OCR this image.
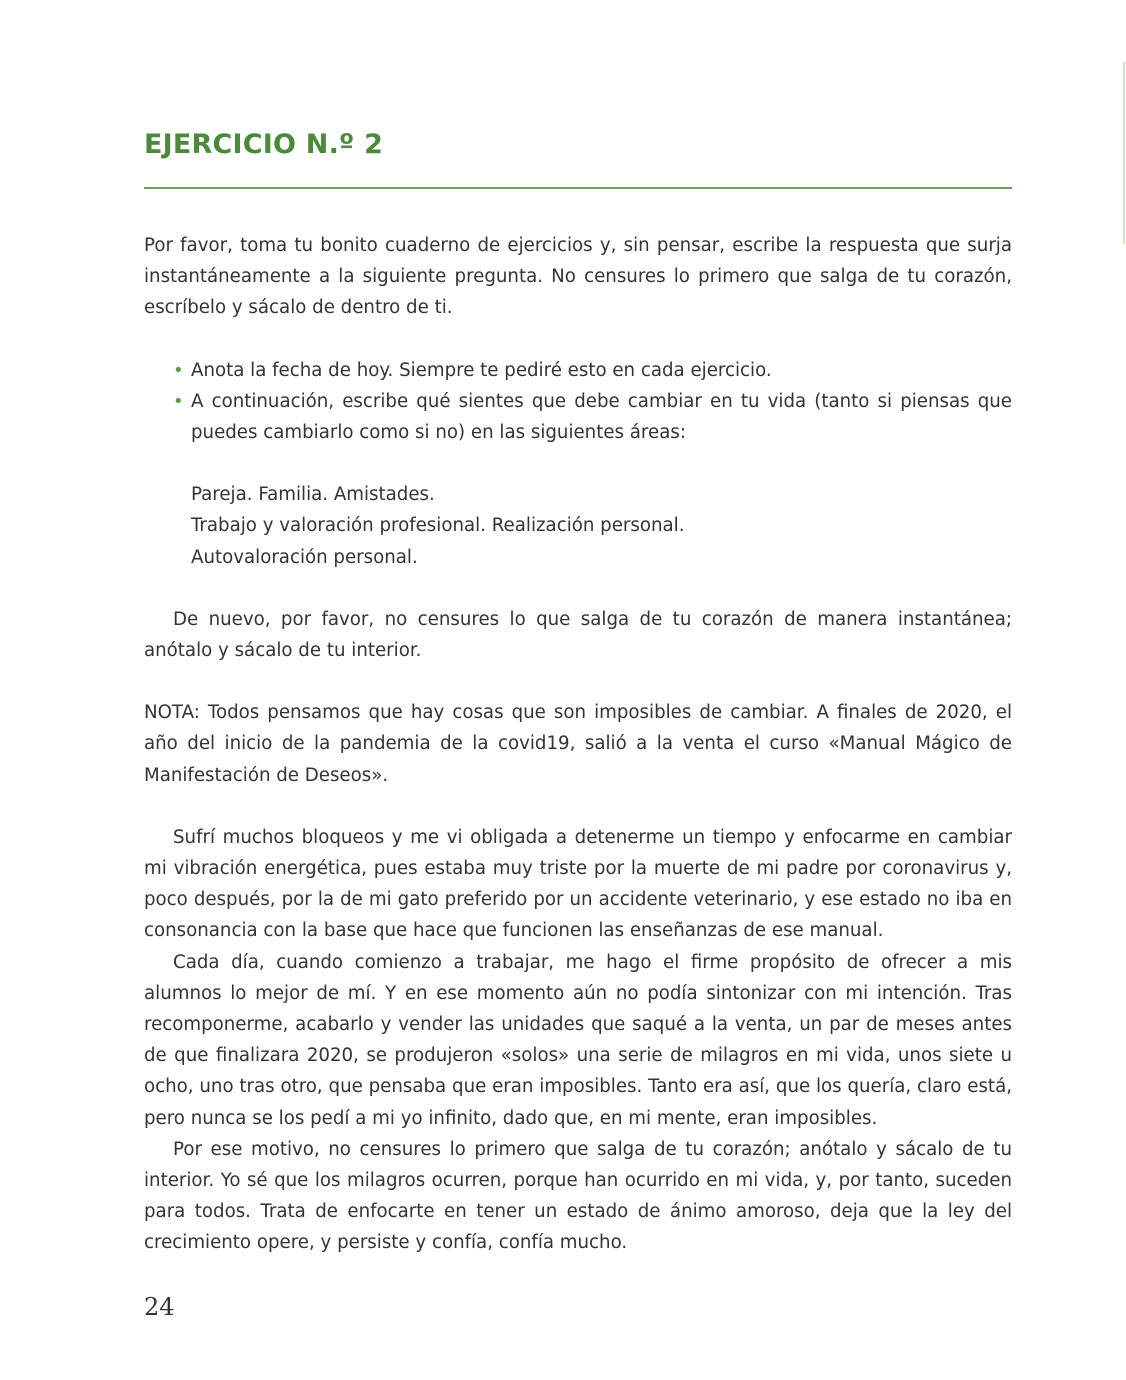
EJERCICIO N.º 2

Por favor, toma tu bonito cuaderno de ejercicios y, sin pensar, escribe la respuesta que surja instantáneamente a la siguiente pregunta. No censures lo primero que salga de tu corazón, escríbelo y sácalo de dentro de ti.

• Anota la fecha de hoy. Siempre te pediré esto en cada ejercicio.
• A continuación, escribe qué sientes que debe cambiar en tu vida (tanto si piensas que puedes cambiarlo como si no) en las siguientes áreas:
Pareja. Familia. Amistades.
Trabajo y valoración profesional. Realización personal.
Autovaloración personal.

De nuevo, por favor, no censures lo que salga de tu corazón de manera instantánea; anótalo y sácalo de tu interior.

NOTA: Todos pensamos que hay cosas que son imposibles de cambiar. A finales de 2020, el año del inicio de la pandemia de la covid19, salió a la venta el curso «Manual Mágico de Manifestación de Deseos».

Sufrí muchos bloqueos y me vi obligada a detenerme un tiempo y enfocarme en cambiar mi vibración energética, pues estaba muy triste por la muerte de mi padre por coronavirus y, poco después, por la de mi gato preferido por un accidente veterinario, y ese estado no iba en consonancia con la base que hace que funcionen las enseñanzas de ese manual.

Cada día, cuando comienzo a trabajar, me hago el firme propósito de ofrecer a mis alumnos lo mejor de mí. Y en ese momento aún no podía sintonizar con mi intención. Tras recomponerme, acabarlo y vender las unidades que saqué a la venta, un par de meses antes de que finalizara 2020, se produjeron «solos» una serie de milagros en mi vida, unos siete u ocho, uno tras otro, que pensaba que eran imposibles. Tanto era así, que los quería, claro está, pero nunca se los pedí a mi yo infinito, dado que, en mi mente, eran imposibles.

Por ese motivo, no censures lo primero que salga de tu corazón; anótalo y sácalo de tu interior. Yo sé que los milagros ocurren, porque han ocurrido en mi vida, y, por tanto, suceden para todos. Trata de enfocarte en tener un estado de ánimo amoroso, deja que la ley del crecimiento opere, y persiste y confía, confía mucho.

24
